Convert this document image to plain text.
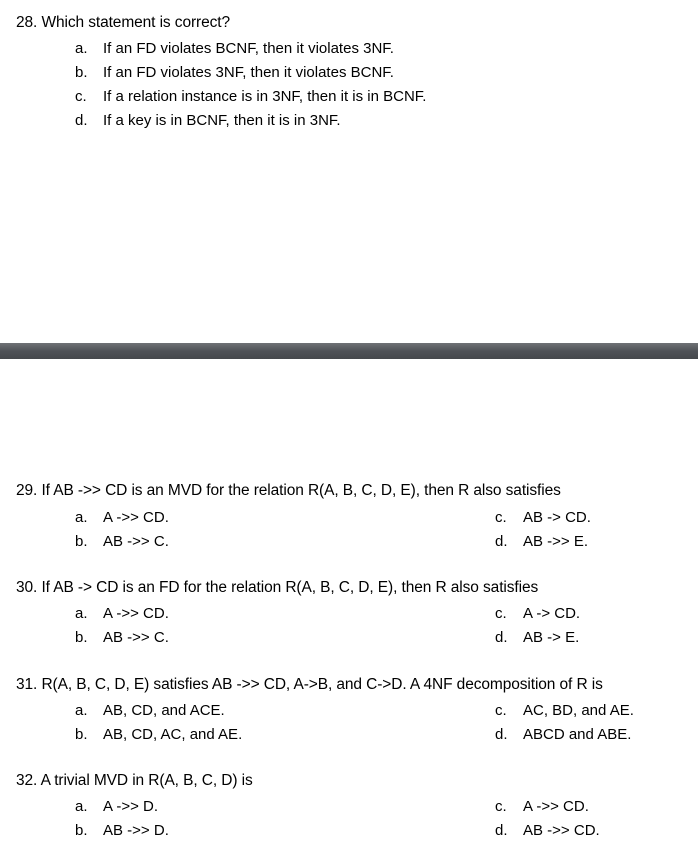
28. Which statement is correct?
a. If an FD violates BCNF, then it violates 3NF.
b. If an FD violates 3NF, then it violates BCNF.
c. If a relation instance is in 3NF, then it is in BCNF.
d. If a key is in BCNF, then it is in 3NF.
29. If AB ->> CD is an MVD for the relation R(A, B, C, D, E), then R also satisfies
a. A ->> CD.
b. AB ->> C.
c. AB -> CD.
d. AB ->> E.
30. If AB -> CD is an FD for the relation R(A, B, C, D, E), then R also satisfies
a. A ->> CD.
b. AB ->> C.
c. A -> CD.
d. AB -> E.
31. R(A, B, C, D, E) satisfies AB ->> CD, A->B, and C->D. A 4NF decomposition of R is
a. AB, CD, and ACE.
b. AB, CD, AC, and AE.
c. AC, BD, and AE.
d. ABCD and ABE.
32. A trivial MVD in R(A, B, C, D) is
a. A ->> D.
b. AB ->> D.
c. A ->> CD.
d. AB ->> CD.
